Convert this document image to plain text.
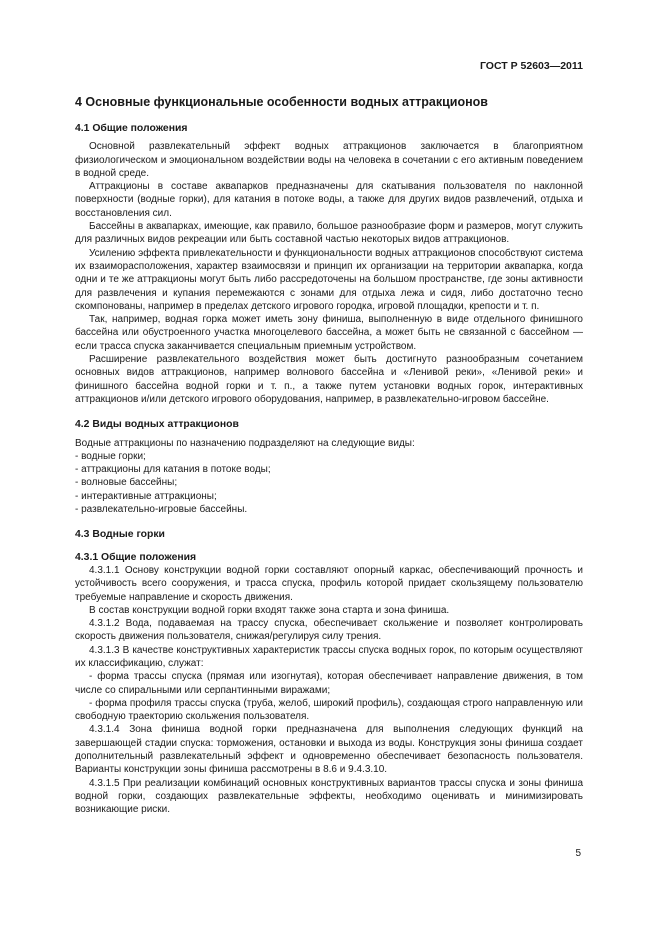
ГОСТ Р 52603—2011
4 Основные функциональные особенности водных аттракционов
4.1 Общие положения

Основной развлекательный эффект водных аттракционов заключается в благоприятном физиологическом и эмоциональном воздействии воды на человека в сочетании с его активным поведением в водной среде.

Аттракционы в составе аквапарков предназначены для скатывания пользователя по наклонной поверхности (водные горки), для катания в потоке воды, а также для других видов развлечений, отдыха и восстановления сил.

Бассейны в аквапарках, имеющие, как правило, большое разнообразие форм и размеров, могут служить для различных видов рекреации или быть составной частью некоторых видов аттракционов.

Усилению эффекта привлекательности и функциональности водных аттракционов способствуют система их взаиморасположения, характер взаимосвязи и принцип их организации на территории аквапарка, когда одни и те же аттракционы могут быть либо рассредоточены на большом пространстве, где зоны активности для развлечения и купания перемежаются с зонами для отдыха лежа и сидя, либо достаточно тесно скомпонованы, например в пределах детского игрового городка, игровой площадки, крепости и т. п.

Так, например, водная горка может иметь зону финиша, выполненную в виде отдельного финишного бассейна или обустроенного участка многоцелевого бассейна, а может быть не связанной с бассейном — если трасса спуска заканчивается специальным приемным устройством.

Расширение развлекательного воздействия может быть достигнуто разнообразным сочетанием основных видов аттракционов, например волнового бассейна и «Ленивой реки», «Ленивой реки» и финишного бассейна водной горки и т. п., а также путем установки водных горок, интерактивных аттракционов и/или детского игрового оборудования, например, в развлекательно-игровом бассейне.

4.2 Виды водных аттракционов

Водные аттракционы по назначению подразделяют на следующие виды:

- водные горки;
- аттракционы для катания в потоке воды;
- волновые бассейны;
- интерактивные аттракционы;
- развлекательно-игровые бассейны.
4.3 Водные горки
4.3.1 Общие положения

4.3.1.1 Основу конструкции водной горки составляют опорный каркас, обеспечивающий прочность и устойчивость всего сооружения, и трасса спуска, профиль которой придает скользящему пользователю требуемые направление и скорость движения.

В состав конструкции водной горки входят также зона старта и зона финиша.

4.3.1.2 Вода, подаваемая на трассу спуска, обеспечивает скольжение и позволяет контролировать скорость движения пользователя, снижая/регулируя силу трения.

4.3.1.3 В качестве конструктивных характеристик трассы спуска водных горок, по которым осуществляют их классификацию, служат:

- форма трассы спуска (прямая или изогнутая), которая обеспечивает направление движения, в том числе со спиральными или серпантинными виражами;

- форма профиля трассы спуска (труба, желоб, широкий профиль), создающая строго направленную или свободную траекторию скольжения пользователя.

4.3.1.4 Зона финиша водной горки предназначена для выполнения следующих функций на завершающей стадии спуска: торможения, остановки и выхода из воды. Конструкция зоны финиша создает дополнительный развлекательный эффект и одновременно обеспечивает безопасность пользователя. Варианты конструкции зоны финиша рассмотрены в 8.6 и 9.4.3.10.

4.3.1.5 При реализации комбинаций основных конструктивных вариантов трассы спуска и зоны финиша водной горки, создающих развлекательные эффекты, необходимо оценивать и минимизировать возникающие риски.

5
